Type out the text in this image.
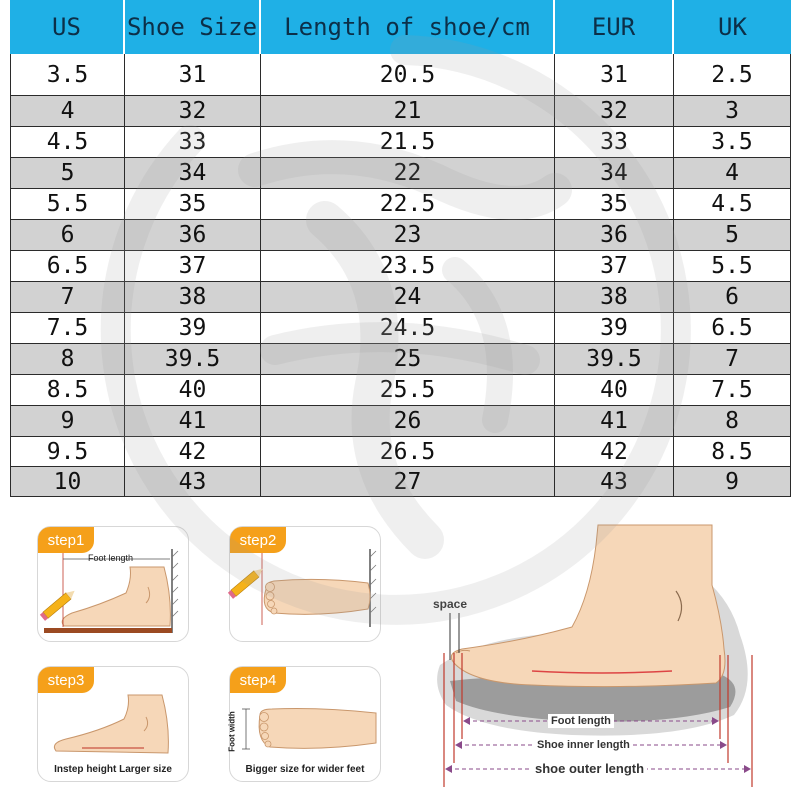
US	Shoe Size	Length of shoe/cm	EUR	UK
3.5	31	20.5	31	2.5
4	32	21	32	3
4.5	33	21.5	33	3.5
5	34	22	34	4
5.5	35	22.5	35	4.5
6	36	23	36	5
6.5	37	23.5	37	5.5
7	38	24	38	6
7.5	39	24.5	39	6.5
8	39.5	25	39.5	7
8.5	40	25.5	40	7.5
9	41	26	41	8
9.5	42	26.5	42	8.5
10	43	27	43	9
step1
Foot length
step2
step3
Instep height Larger size
step4
Foot width
Bigger size for wider feet
space
Foot length
Shoe inner length
shoe outer length
